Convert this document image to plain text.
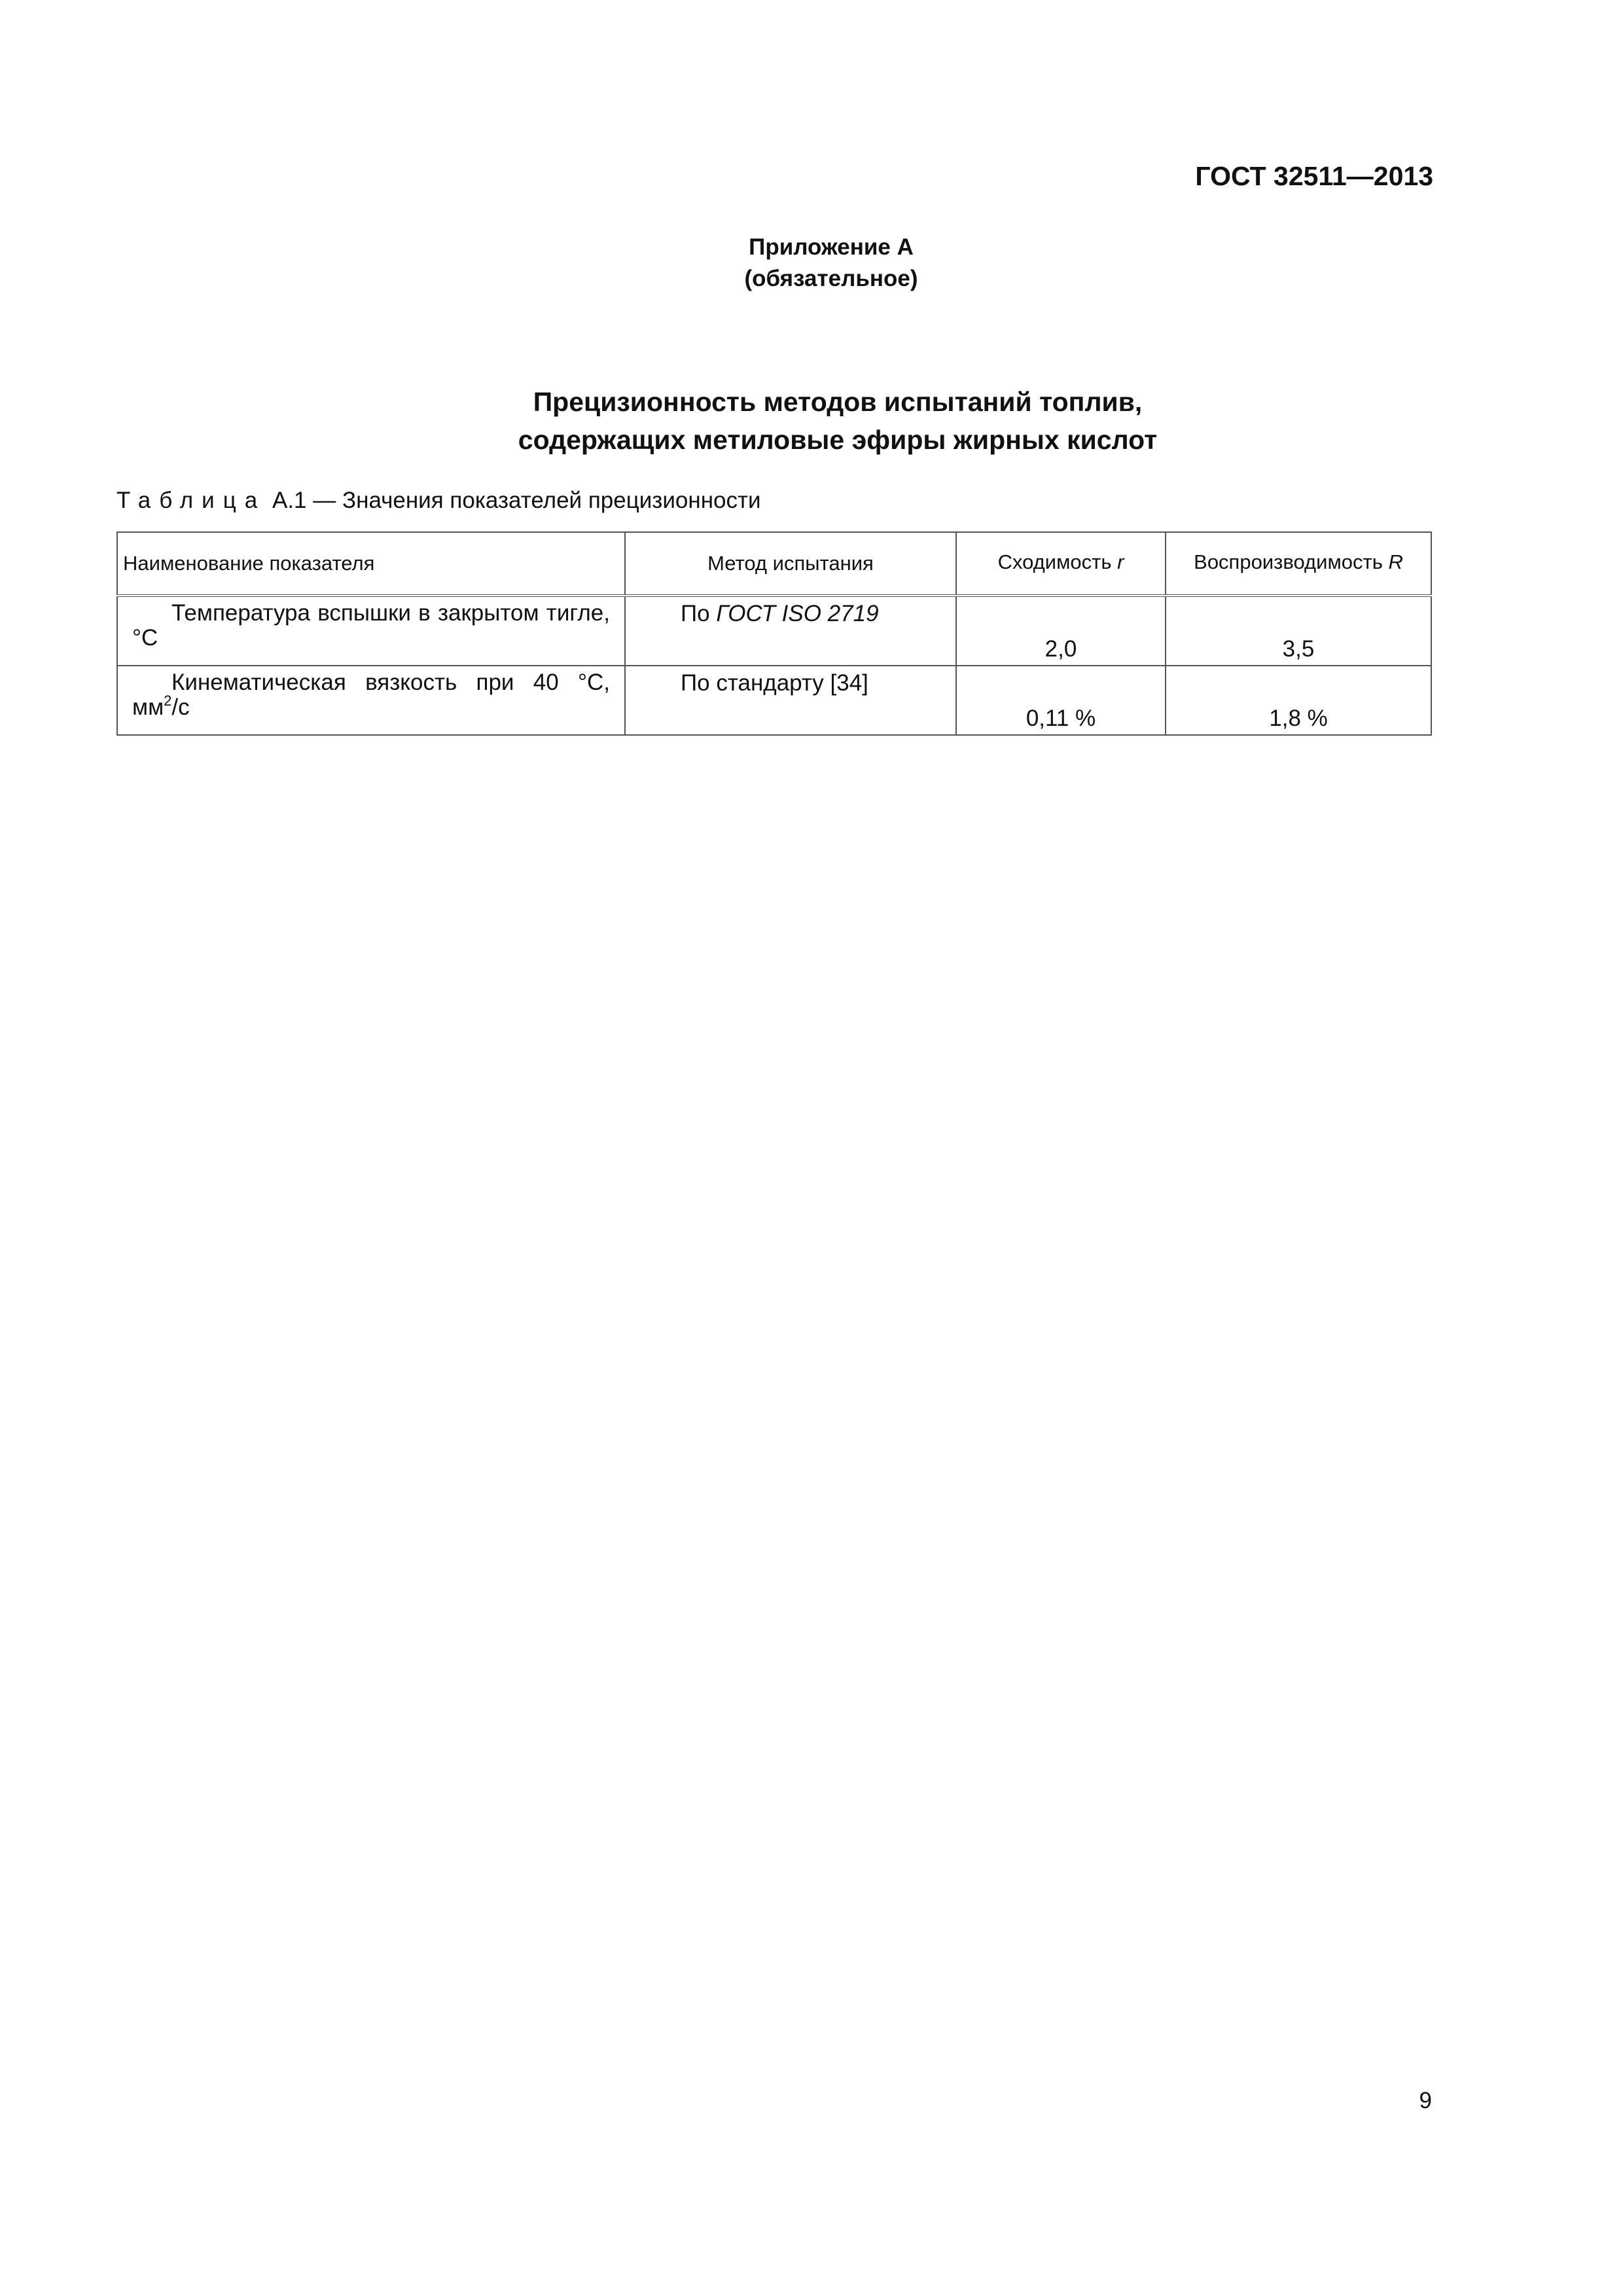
ГОСТ 32511—2013
Приложение А
(обязательное)
Прецизионность методов испытаний топлив,
содержащих метиловые эфиры жирных кислот
Таблица А.1 — Значения показателей прецизионности
Наименование показателя	Метод испытания	Сходимость r	Воспроизводимость R
Температура вспышки в закрытом тигле, °С	По ГОСТ ISO 2719	2,0	3,5
Кинематическая вязкость при 40 °С, $мм^2/с$	По стандарту [34]	0,11 %	1,8 %
9
